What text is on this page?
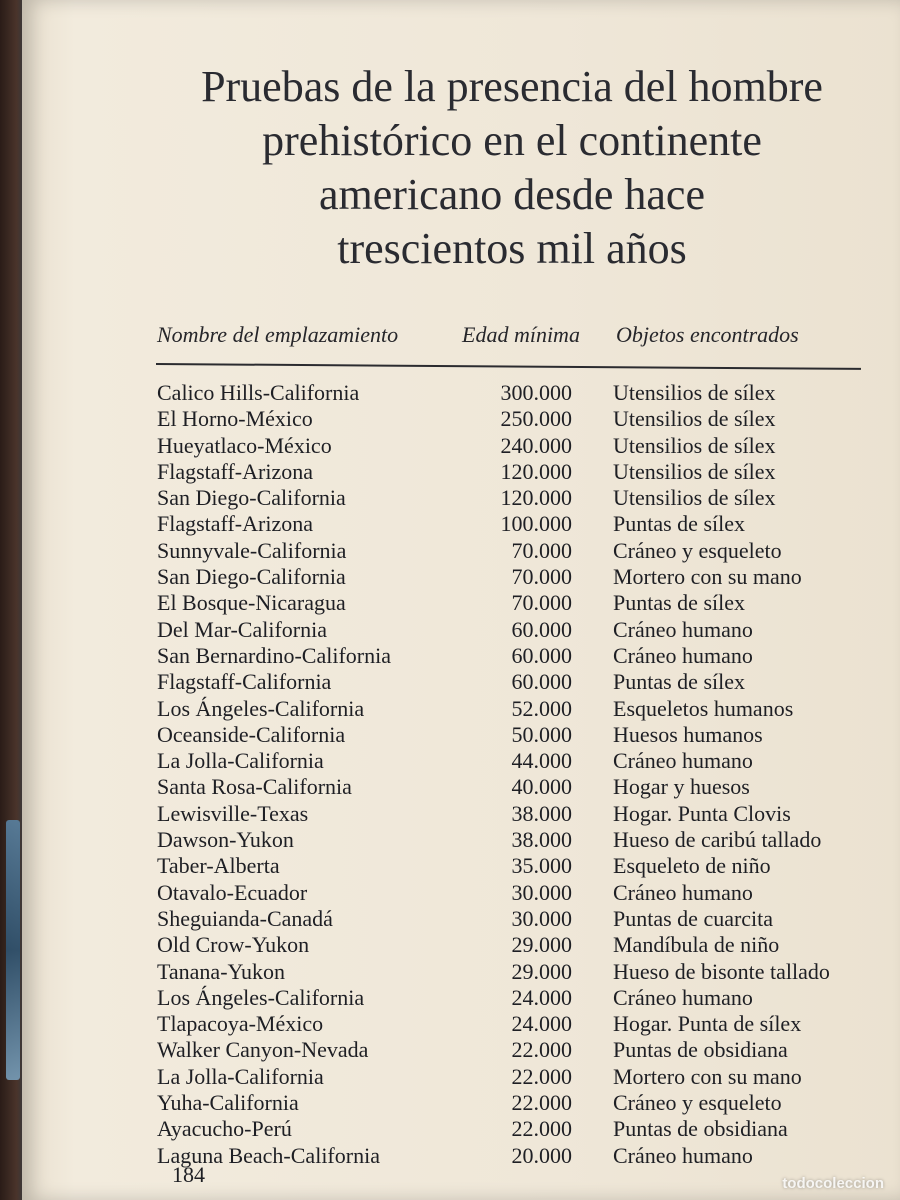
Pruebas de la presencia del hombre
prehistórico en el continente
americano desde hace
trescientos mil años
Nombre del emplazamiento	Edad mínima Objetos encontrados
Calico Hills-California	300.000 Utensilios de sílex
El Horno-México	250.000 Utensilios de sílex
Hueyatlaco-México	240.000 Utensilios de sílex
Flagstaff-Arizona	120.000 Utensilios de sílex
San Diego-California	120.000 Utensilios de sílex
Flagstaff-Arizona	100.000 Puntas de sílex
Sunnyvale-California	70.000 Cráneo y esqueleto
San Diego-California	70.000 Mortero con su mano
El Bosque-Nicaragua	70.000 Puntas de sílex
Del Mar-California	60.000 Cráneo humano
San Bernardino-California	60.000 Cráneo humano
Flagstaff-California	60.000 Puntas de sílex
Los Ángeles-California	52.000 Esqueletos humanos
Oceanside-California	50.000 Huesos humanos
La Jolla-California	44.000 Cráneo humano
Santa Rosa-California	40.000 Hogar y huesos
Lewisville-Texas	38.000 Hogar. Punta Clovis
Dawson-Yukon	38.000 Hueso de caribú tallado
Taber-Alberta	35.000 Esqueleto de niño
Otavalo-Ecuador	30.000 Cráneo humano
Sheguianda-Canadá	30.000 Puntas de cuarcita
Old Crow-Yukon	29.000 Mandíbula de niño
Tanana-Yukon	29.000 Hueso de bisonte tallado
Los Ángeles-California	24.000 Cráneo humano
Tlapacoya-México	24.000 Hogar. Punta de sílex
Walker Canyon-Nevada	22.000 Puntas de obsidiana
La Jolla-California	22.000 Mortero con su mano
Yuha-California	22.000 Cráneo y esqueleto
Ayacucho-Perú	22.000 Puntas de obsidiana
Laguna Beach-California	20.000 Cráneo humano
184	todocoleccion
